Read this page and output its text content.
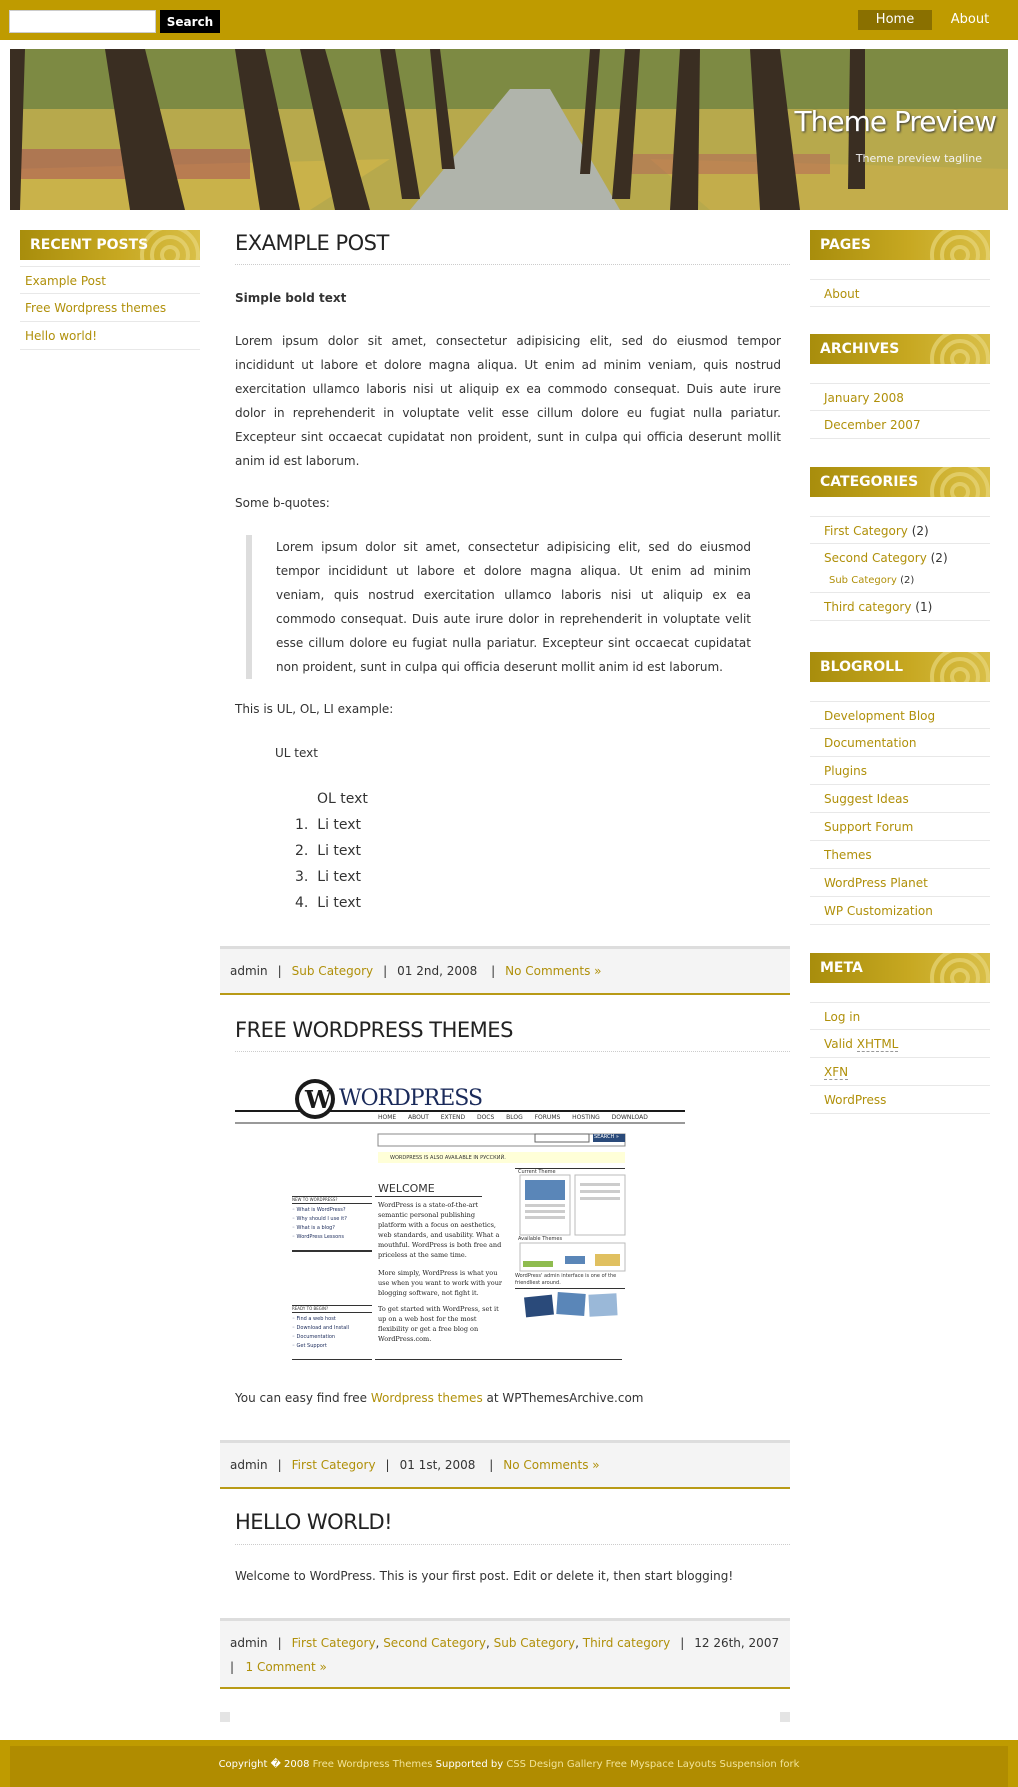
Search	Home	About
Theme Preview
Theme preview tagline
RECENT POSTS
Example Post
Free Wordpress themes
Hello world!
PAGES
About
ARCHIVES
January 2008
December 2007
CATEGORIES
First Category (2)
Second Category (2)
Sub Category (2)
Third category (1)
BLOGROLL
Development Blog
Documentation
Plugins
Suggest Ideas
Support Forum
Themes
WordPress Planet
WP Customization
META
Log in
Valid XHTML
XFN
WordPress
EXAMPLE POST
Simple bold text
Lorem ipsum dolor sit amet, consectetur adipisicing elit, sed do eiusmod tempor incididunt ut labore et dolore magna aliqua. Ut enim ad minim veniam, quis nostrud exercitation ullamco laboris nisi ut aliquip ex ea commodo consequat. Duis aute irure dolor in reprehenderit in voluptate velit esse cillum dolore eu fugiat nulla pariatur. Excepteur sint occaecat cupidatat non proident, sunt in culpa qui officia deserunt mollit anim id est laborum.
Some b-quotes:
Lorem ipsum dolor sit amet, consectetur adipisicing elit, sed do eiusmod tempor incididunt ut labore et dolore magna aliqua. Ut enim ad minim veniam, quis nostrud exercitation ullamco laboris nisi ut aliquip ex ea commodo consequat. Duis aute irure dolor in reprehenderit in voluptate velit esse cillum dolore eu fugiat nulla pariatur. Excepteur sint occaecat cupidatat non proident, sunt in culpa qui officia deserunt mollit anim id est laborum.
This is UL, OL, LI example:
UL text
OL text
1.  Li text
2.  Li text
3.  Li text
4.  Li text
admin | Sub Category | 01 2nd, 2008 | No Comments »
FREE WORDPRESS THEMES
W WORDPRESS
HOME ABOUT EXTEND DOCS BLOG FORUMS HOSTING DOWNLOAD
SEARCH »
WORDPRESS IS ALSO AVAILABLE IN РУССКИЙ.
WELCOME
NEW TO WORDPRESS?
◦ What is WordPress?
◦ Why should I use it?
◦ What is a blog?
◦ WordPress Lessons
READY TO BEGIN?
◦ Find a web host
◦ Download and Install
◦ Documentation
◦ Get Support
WordPress is a state-of-the-art semantic personal publishing platform with a focus on aesthetics, web standards, and usability. What a mouthful. WordPress is both free and priceless at the same time.
More simply, WordPress is what you use when you want to work with your blogging software, not fight it.
To get started with WordPress, set it up on a web host for the most flexibility or get a free blog on WordPress.com.
Current Theme
Available Themes
WordPress' admin interface is one of the friendliest around.
You can easy find free Wordpress themes at WPThemesArchive.com
admin | First Category | 01 1st, 2008 | No Comments »
HELLO WORLD!
Welcome to WordPress. This is your first post. Edit or delete it, then start blogging!
admin | First Category, Second Category, Sub Category, Third category | 12 26th, 2007
| 1 Comment »
Copyright � 2008 Free Wordpress Themes Supported by CSS Design Gallery Free Myspace Layouts Suspension fork
